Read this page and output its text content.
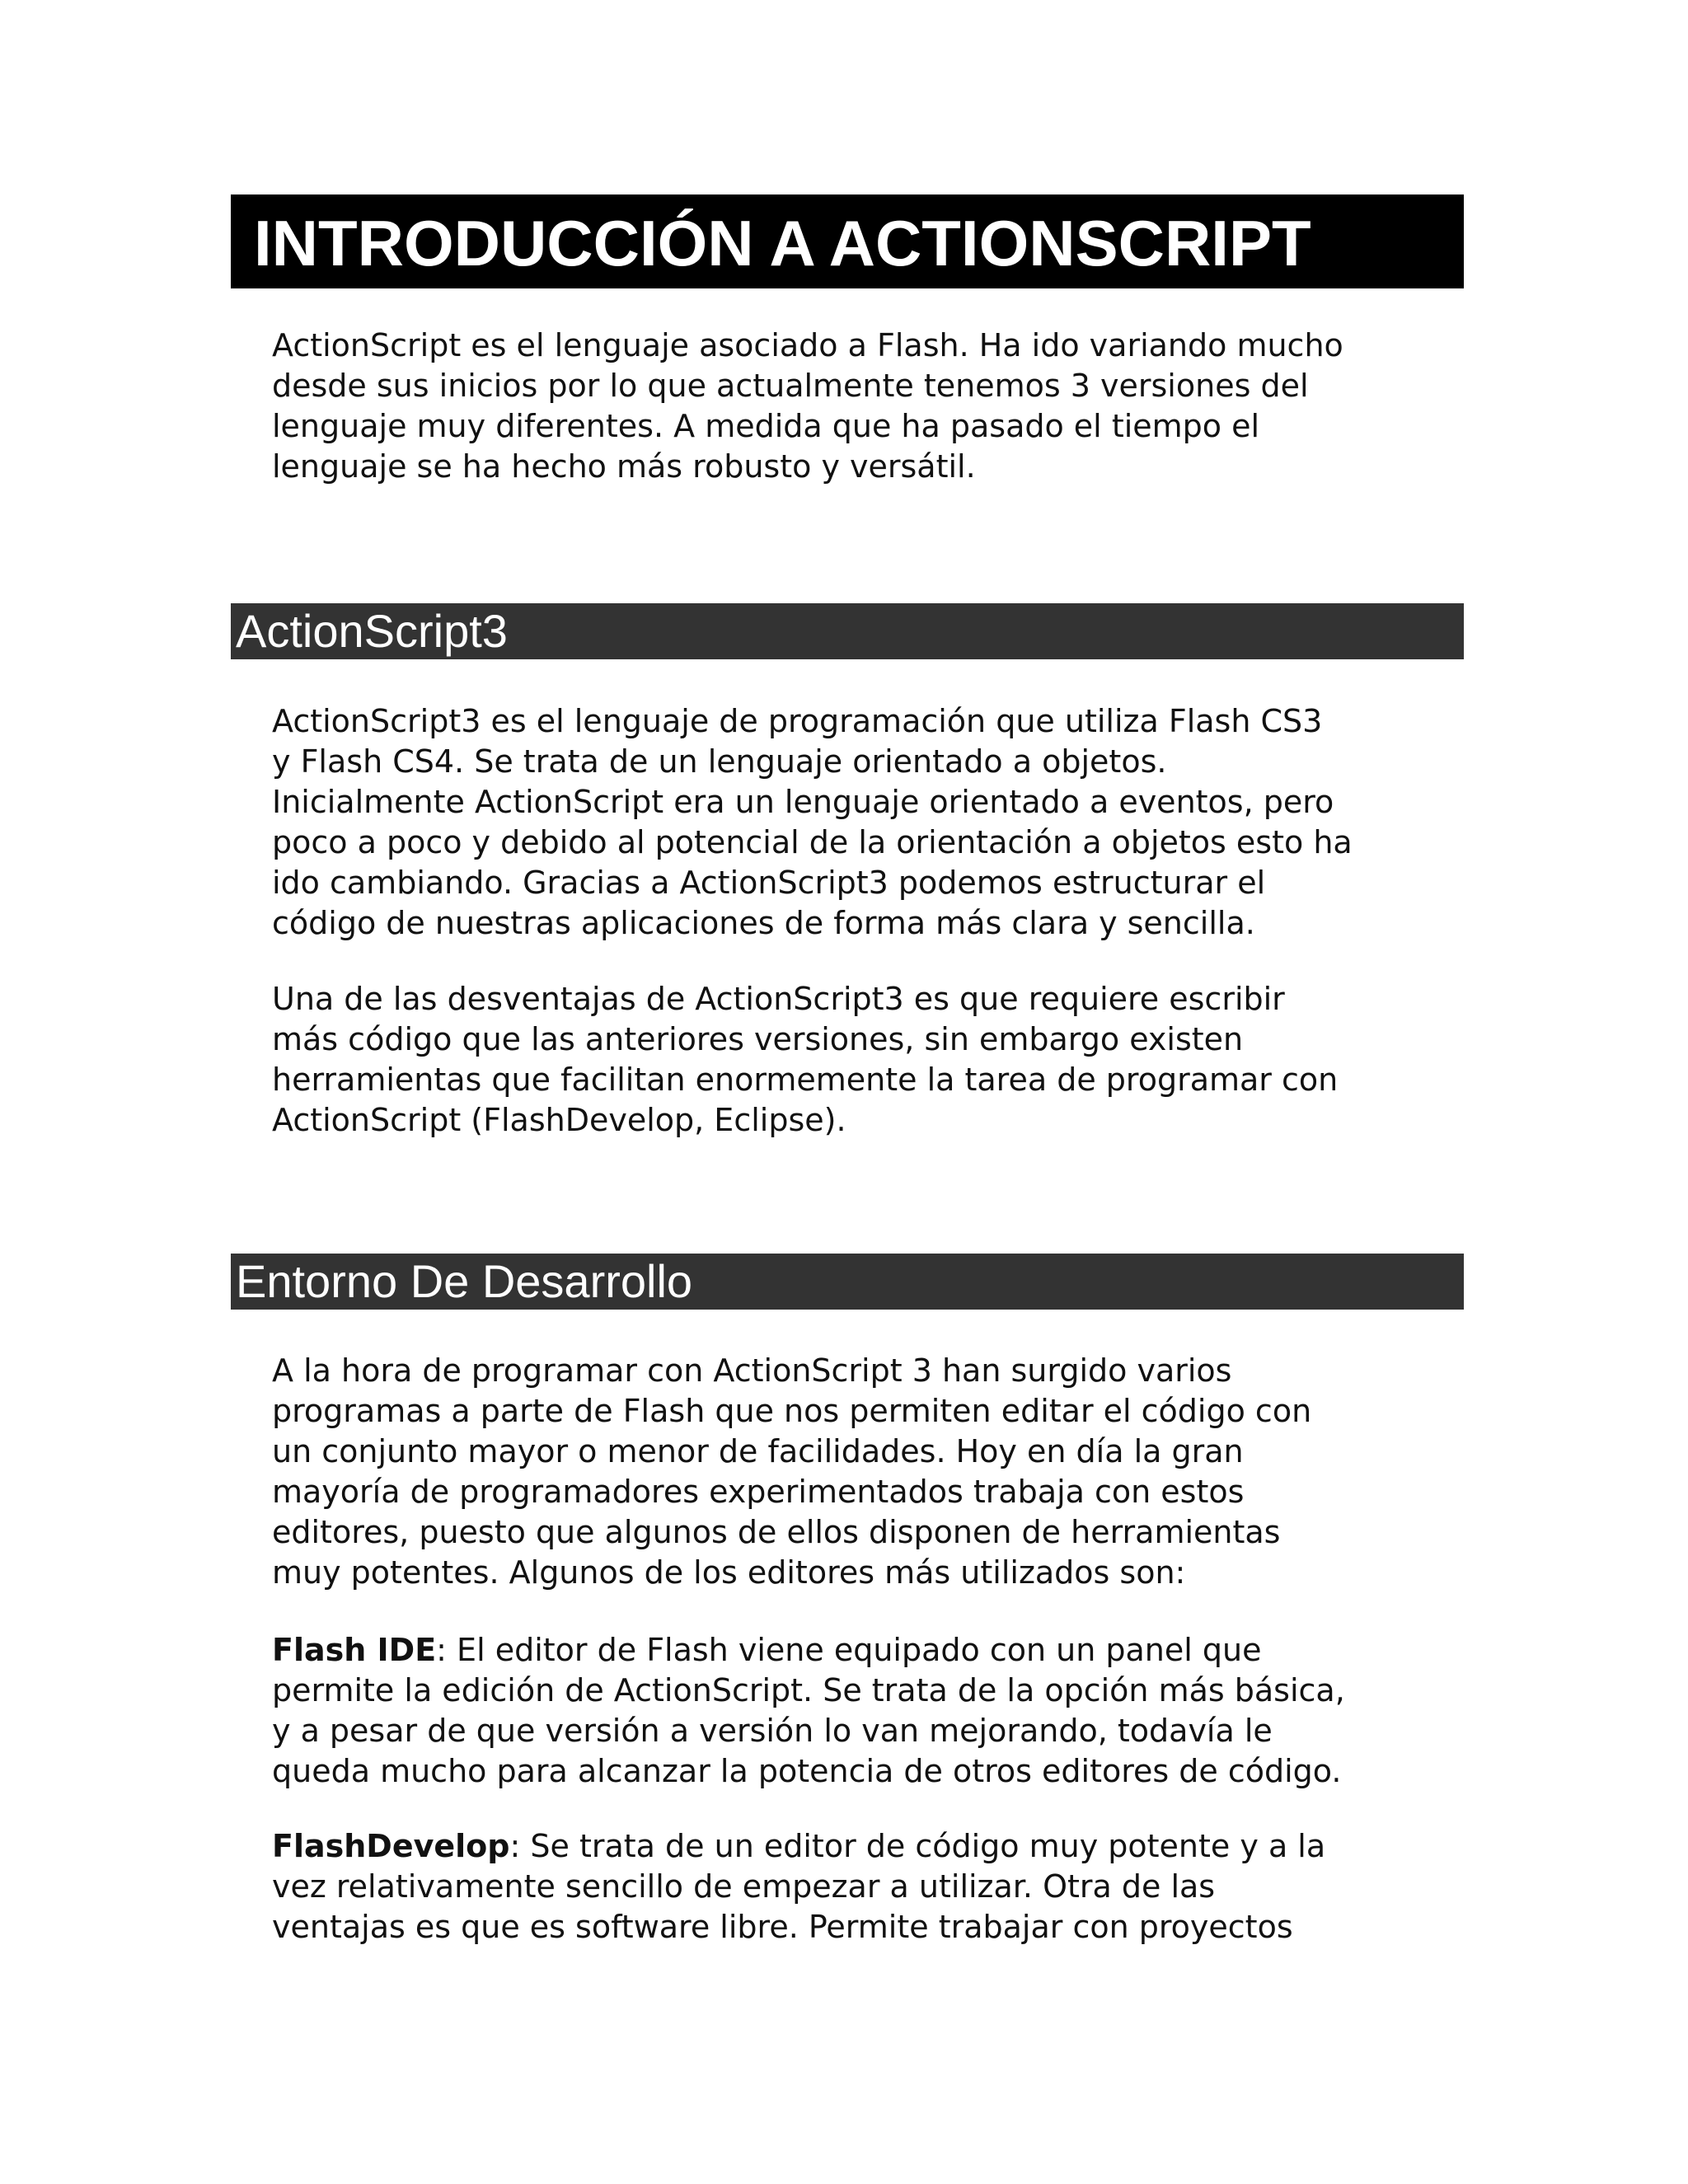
INTRODUCCIÓN A ACTIONSCRIPT
ActionScript es el lenguaje asociado a Flash. Ha ido variando mucho
desde sus inicios por lo que actualmente tenemos 3 versiones del
lenguaje muy diferentes. A medida que ha pasado el tiempo el
lenguaje se ha hecho más robusto y versátil.
ActionScript3
ActionScript3 es el lenguaje de programación que utiliza Flash CS3
y Flash CS4. Se trata de un lenguaje orientado a objetos.
Inicialmente ActionScript era un lenguaje orientado a eventos, pero
poco a poco y debido al potencial de la orientación a objetos esto ha
ido cambiando. Gracias a ActionScript3 podemos estructurar el
código de nuestras aplicaciones de forma más clara y sencilla.
Una de las desventajas de ActionScript3 es que requiere escribir
más código que las anteriores versiones, sin embargo existen
herramientas que facilitan enormemente la tarea de programar con
ActionScript (FlashDevelop, Eclipse).
Entorno De Desarrollo
A la hora de programar con ActionScript 3 han surgido varios
programas a parte de Flash que nos permiten editar el código con
un conjunto mayor o menor de facilidades. Hoy en día la gran
mayoría de programadores experimentados trabaja con estos
editores, puesto que algunos de ellos disponen de herramientas
muy potentes. Algunos de los editores más utilizados son:
Flash IDE: El editor de Flash viene equipado con un panel que
permite la edición de ActionScript. Se trata de la opción más básica,
y a pesar de que versión a versión lo van mejorando, todavía le
queda mucho para alcanzar la potencia de otros editores de código.
FlashDevelop: Se trata de un editor de código muy potente y a la
vez relativamente sencillo de empezar a utilizar. Otra de las
ventajas es que es software libre. Permite trabajar con proyectos
